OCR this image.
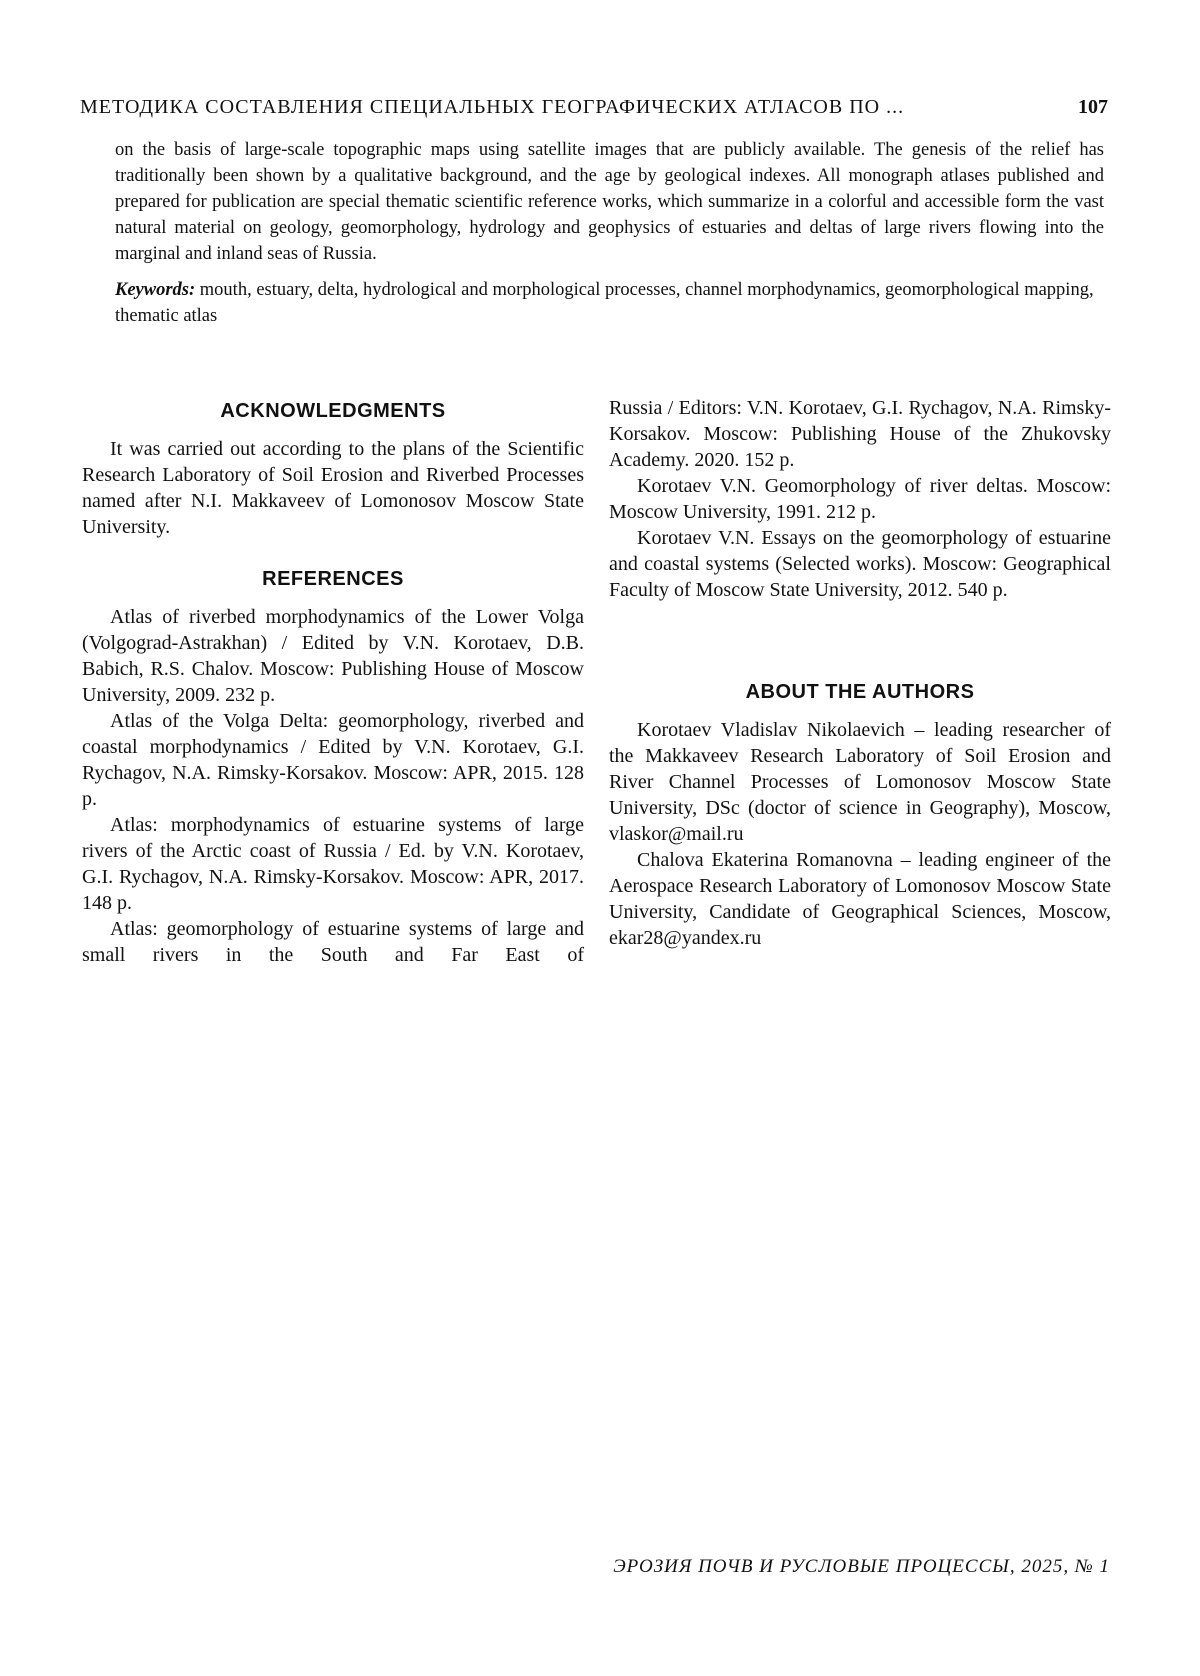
МЕТОДИКА СОСТАВЛЕНИЯ СПЕЦИАЛЬНЫХ ГЕОГРАФИЧЕСКИХ АТЛАСОВ ПО ...	107

on the basis of large-scale topographic maps using satellite images that are publicly available. The genesis of the relief has traditionally been shown by a qualitative background, and the age by geological indexes. All monograph atlases published and prepared for publication are special thematic scientific reference works, which summarize in a colorful and accessible form the vast natural material on geology, geomorphology, hydrology and geophysics of estuaries and deltas of large rivers flowing into the marginal and inland seas of Russia.

Keywords: mouth, estuary, delta, hydrological and morphological processes, channel morphodynamics, geomorphological mapping, thematic atlas

ACKNOWLEDGMENTS

It was carried out according to the plans of the Scientific Research Laboratory of Soil Erosion and Riverbed Processes named after N.I. Makkaveev of Lomonosov Moscow State University.

REFERENCES

Atlas of riverbed morphodynamics of the Lower Volga (Volgograd-Astrakhan) / Edited by V.N. Korotaev, D.B. Babich, R.S. Chalov. Moscow: Publishing House of Moscow University, 2009. 232 p.

Atlas of the Volga Delta: geomorphology, riverbed and coastal morphodynamics / Edited by V.N. Korotaev, G.I. Rychagov, N.A. Rimsky-Korsakov. Moscow: APR, 2015. 128 p.

Atlas: morphodynamics of estuarine systems of large rivers of the Arctic coast of Russia / Ed. by V.N. Korotaev, G.I. Rychagov, N.A. Rimsky-Korsakov. Moscow: APR, 2017. 148 p.

Atlas: geomorphology of estuarine systems of large and small rivers in the South and Far East of

Russia / Editors: V.N. Korotaev, G.I. Rychagov, N.A. Rimsky-Korsakov. Moscow: Publishing House of the Zhukovsky Academy. 2020. 152 p.

Korotaev V.N. Geomorphology of river deltas. Moscow: Moscow University, 1991. 212 p.

Korotaev V.N. Essays on the geomorphology of estuarine and coastal systems (Selected works). Moscow: Geographical Faculty of Moscow State University, 2012. 540 p.

ABOUT THE AUTHORS

Korotaev Vladislav Nikolaevich – leading researcher of the Makkaveev Research Laboratory of Soil Erosion and River Channel Processes of Lomonosov Moscow State University, DSc (doctor of science in Geography), Moscow, vlaskor@mail.ru

Chalova Ekaterina Romanovna – leading engineer of the Aerospace Research Laboratory of Lomonosov Moscow State University, Candidate of Geographical Sciences, Moscow, ekar28@yandex.ru

ЭРОЗИЯ ПОЧВ И РУСЛОВЫЕ ПРОЦЕССЫ, 2025, № 1
